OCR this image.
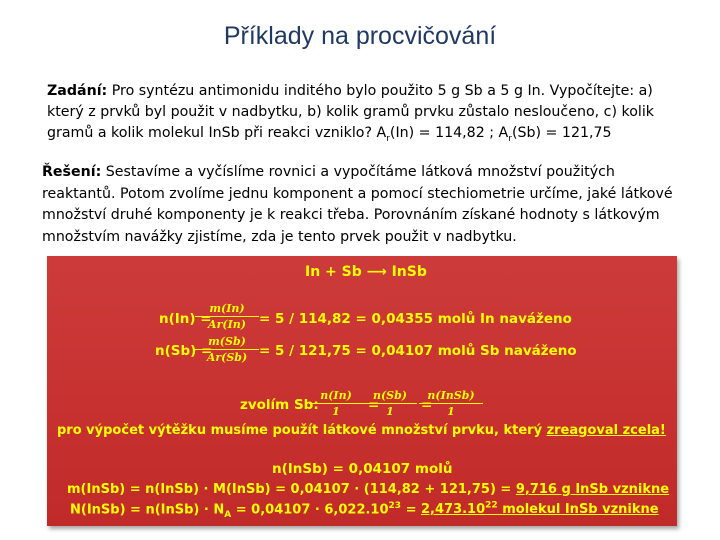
Příklady na procvičování
Zadání: Pro syntézu antimonidu inditého bylo použito 5 g Sb a 5 g In. Vypočítejte: a) který z prvků byl použit v nadbytku, b) kolik gramů prvku zůstalo nesloučeno, c) kolik gramů a kolik molekul InSb při reakci vzniklo? $A_r(In) = 114,82$ ; $A_r(Sb) = 121,75$
Řešení: Sestavíme a vyčíslíme rovnici a vypočítáme látková množství použitých reaktantů. Potom zvolíme jednu komponent a pomocí stechiometrie určíme, jaké látkové množství druhé komponenty je k reakci třeba. Porovnáním získané hodnoty s látkovým množstvím navážky zjistíme, zda je tento prvek použit v nadbytku.
In + Sb ⟶ InSb
n(In) =
m(In)
Ar(In) = 5 / 114,82 = 0,04355 molů In naváženo
n(Sb) =
m(Sb)
Ar(Sb) = 5 / 121,75 = 0,04107 molů Sb naváženo
zvolím Sb:
n(In)
1	=
n(Sb)
1	=
n(InSb)
1
pro výpočet výtěžku musíme použít látkové množství prvku, který zreagoval zcela!
n(InSb) = 0,04107 molů
m(InSb) = n(InSb) · M(InSb) = 0,04107 · (114,82 + 121,75) = 9,716 g InSb vznikne
N(InSb) = n(InSb) · $N_A = 0,04107 \cdot 6,022.10^{23} = 2,473.10^{22}$ molekul InSb vznikne
